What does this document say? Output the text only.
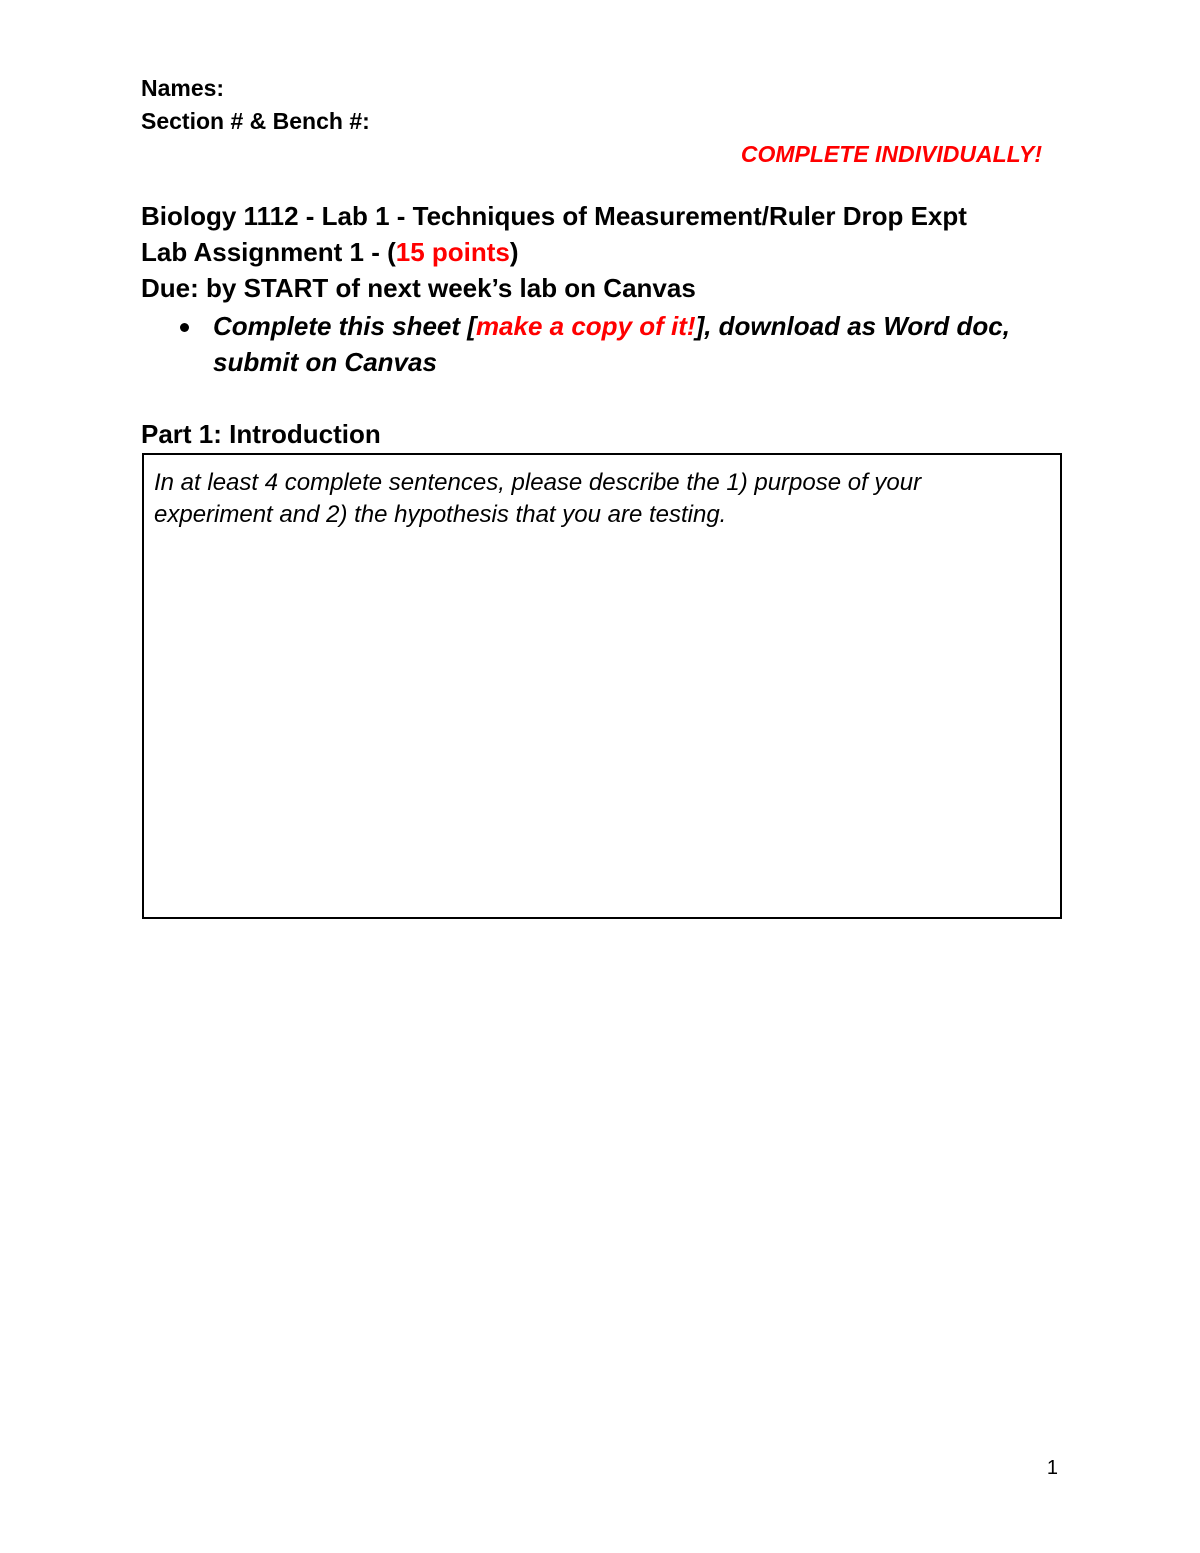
Names:
Section # & Bench #:
COMPLETE INDIVIDUALLY!
Biology 1112 - Lab 1 - Techniques of Measurement/Ruler Drop Expt
Lab Assignment 1 - (15 points)
Due: by START of next week’s lab on Canvas
Complete this sheet [make a copy of it!], download as Word doc,
submit on Canvas
Part 1: Introduction
In at least 4 complete sentences, please describe the 1) purpose of your experiment and 2) the hypothesis that you are testing.
1
